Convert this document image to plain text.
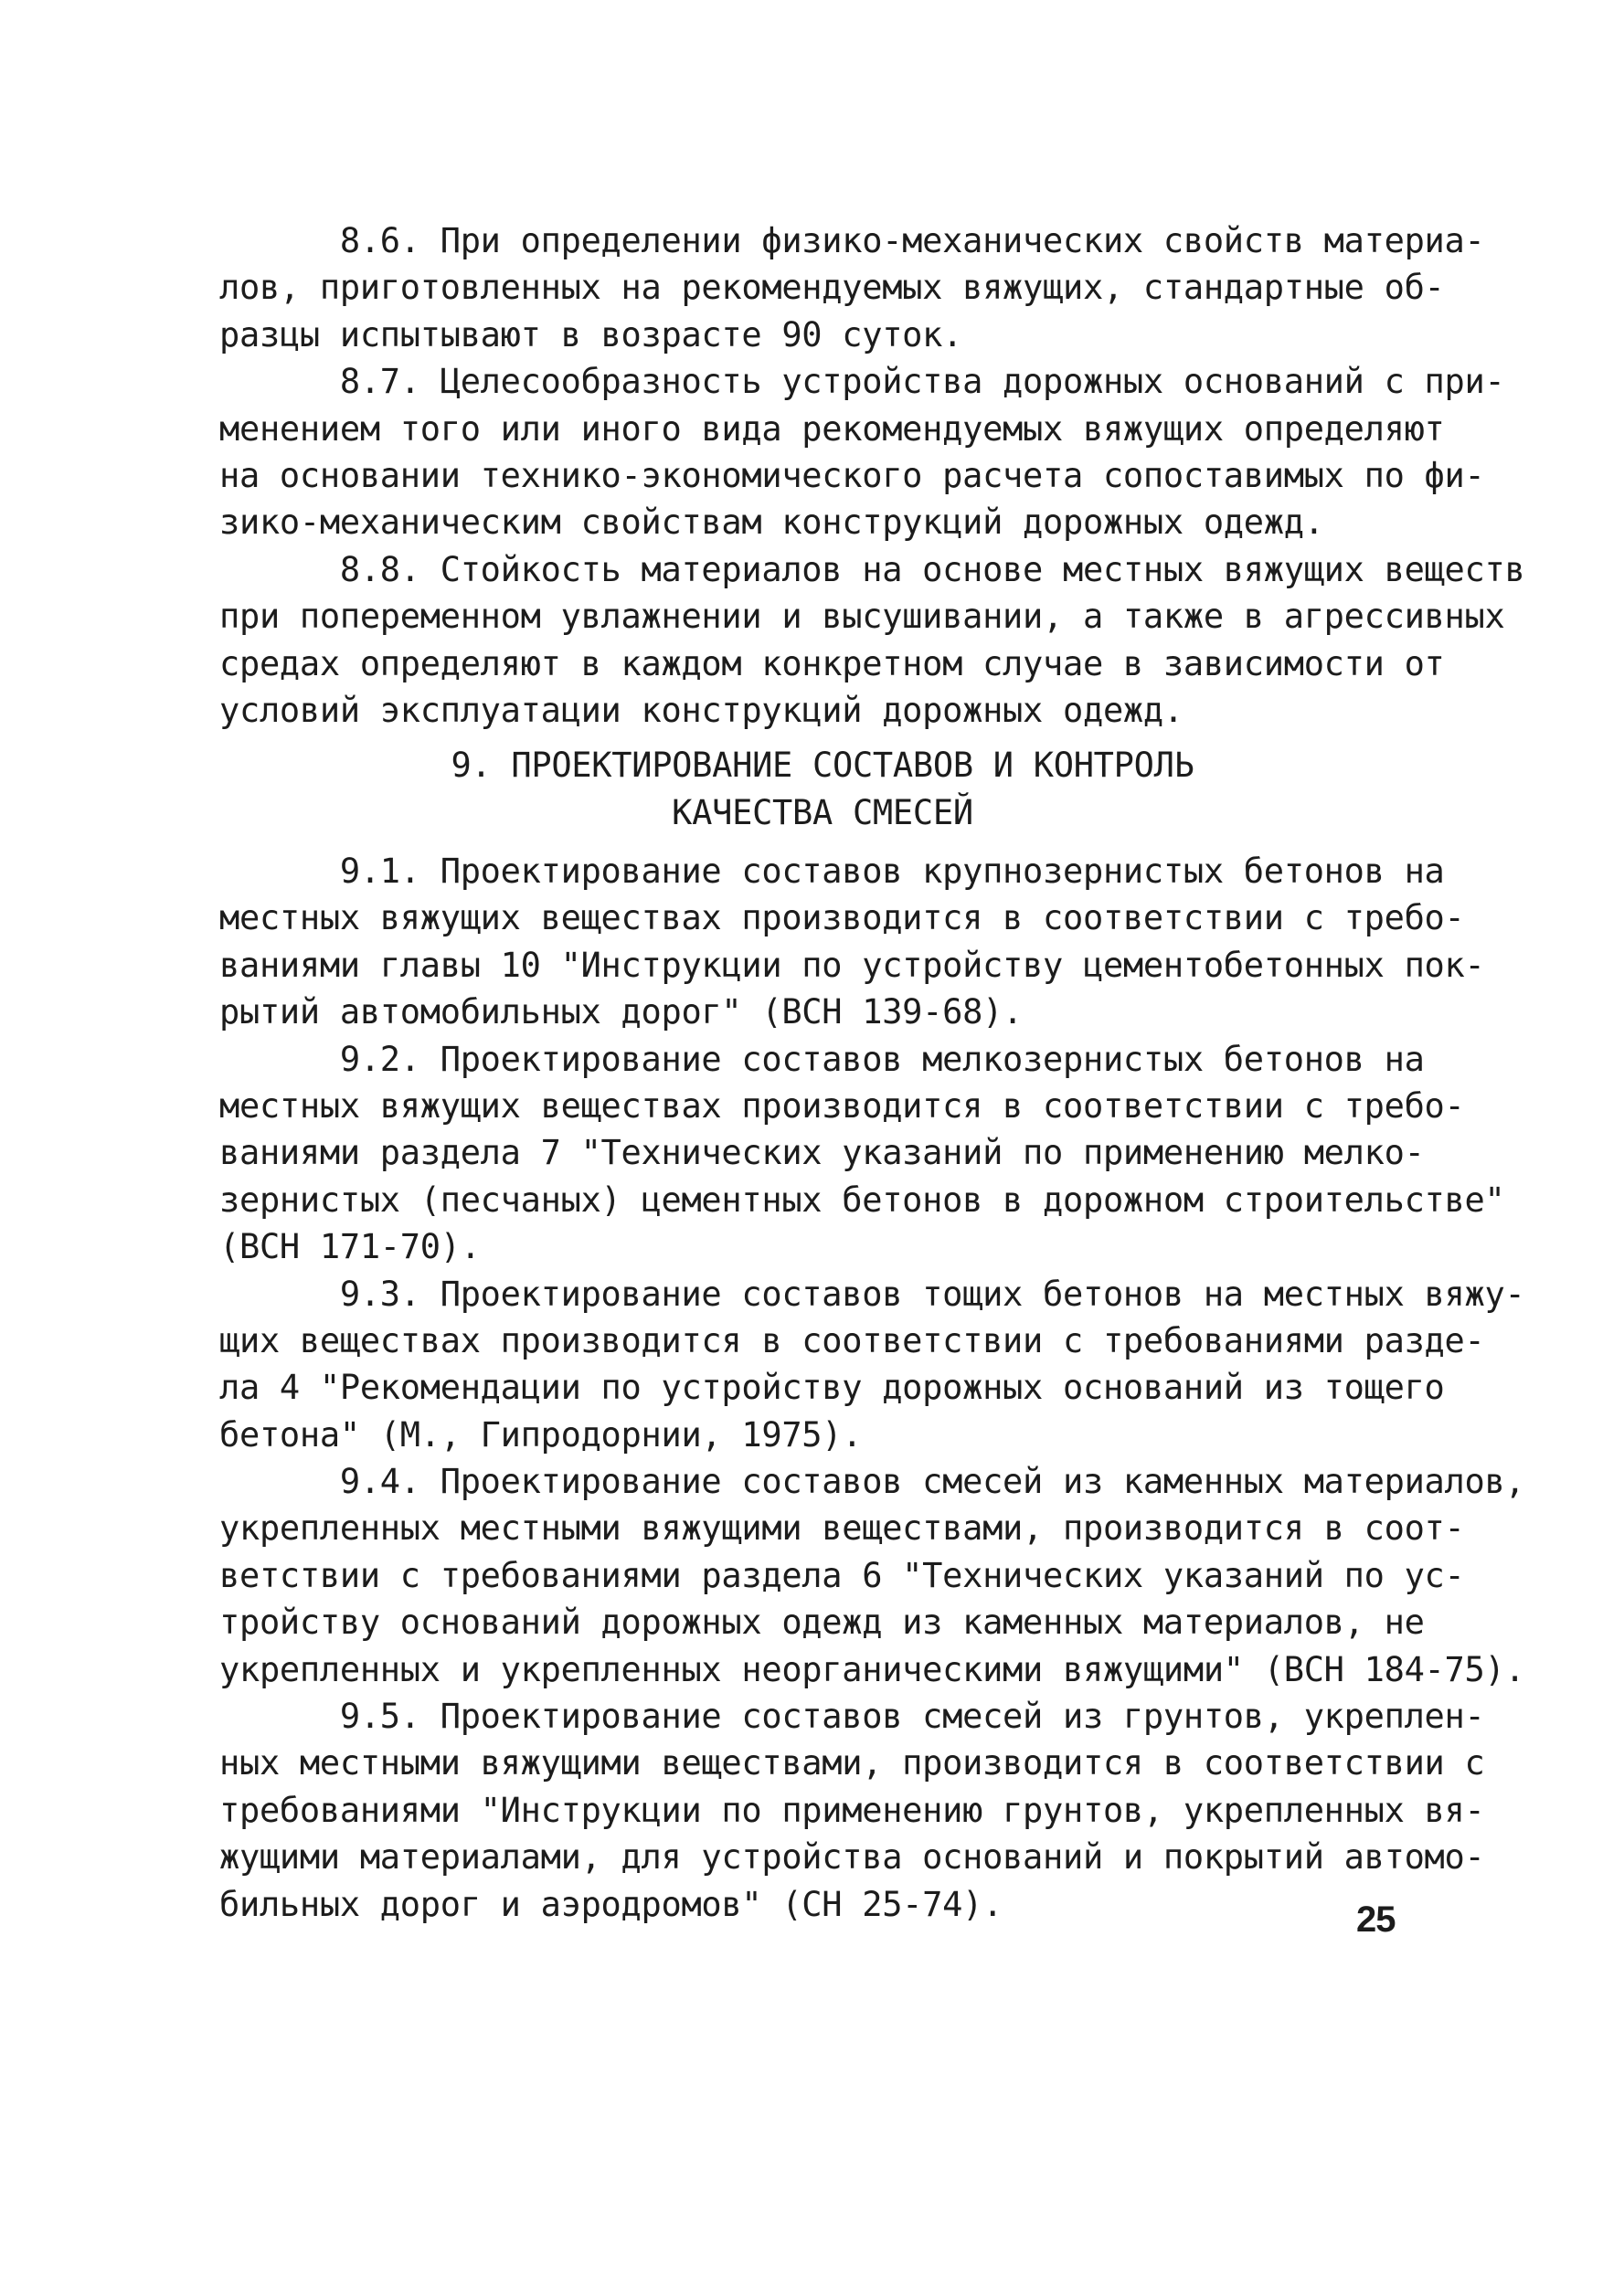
8.6. При определении физико-механических свойств материа-
лов, приготовленных на рекомендуемых вяжущих, стандартные об-
разцы испытывают в возрасте 90 суток.
8.7. Целесообразность устройства дорожных оснований с при-
менением того или иного вида рекомендуемых вяжущих определяют
на основании технико-экономического расчета сопоставимых по фи-
зико-механическим свойствам конструкций дорожных одежд.
8.8. Стойкость материалов на основе местных вяжущих веществ
при попеременном увлажнении и высушивании, а также в агрессивных
средах определяют в каждом конкретном случае в зависимости от
условий эксплуатации конструкций дорожных одежд.
9. ПРОЕКТИРОВАНИЕ СОСТАВОВ И КОНТРОЛЬ
КАЧЕСТВА СМЕСЕЙ
9.1. Проектирование составов крупнозернистых бетонов на
местных вяжущих веществах производится в соответствии с требо-
ваниями главы 10 "Инструкции по устройству цементобетонных пок-
рытий автомобильных дорог" (ВСН 139-68).
9.2. Проектирование составов мелкозернистых бетонов на
местных вяжущих веществах производится в соответствии с требо-
ваниями раздела 7 "Технических указаний по применению мелко-
зернистых (песчаных) цементных бетонов в дорожном строительстве"
(ВСН 171-70).
9.3. Проектирование составов тощих бетонов на местных вяжу-
щих веществах производится в соответствии с требованиями разде-
ла 4 "Рекомендации по устройству дорожных оснований из тощего
бетона" (М., Гипродорнии, 1975).
9.4. Проектирование составов смесей из каменных материалов,
укрепленных местными вяжущими веществами, производится в соот-
ветствии с требованиями раздела 6 "Технических указаний по ус-
тройству оснований дорожных одежд из каменных материалов, не
укрепленных и укрепленных неорганическими вяжущими" (ВСН 184-75).
9.5. Проектирование составов смесей из грунтов, укреплен-
ных местными вяжущими веществами, производится в соответствии с
требованиями "Инструкции по применению грунтов, укрепленных вя-
жущими материалами, для устройства оснований и покрытий автомо-
бильных дорог и аэродромов" (СН 25-74).	25
